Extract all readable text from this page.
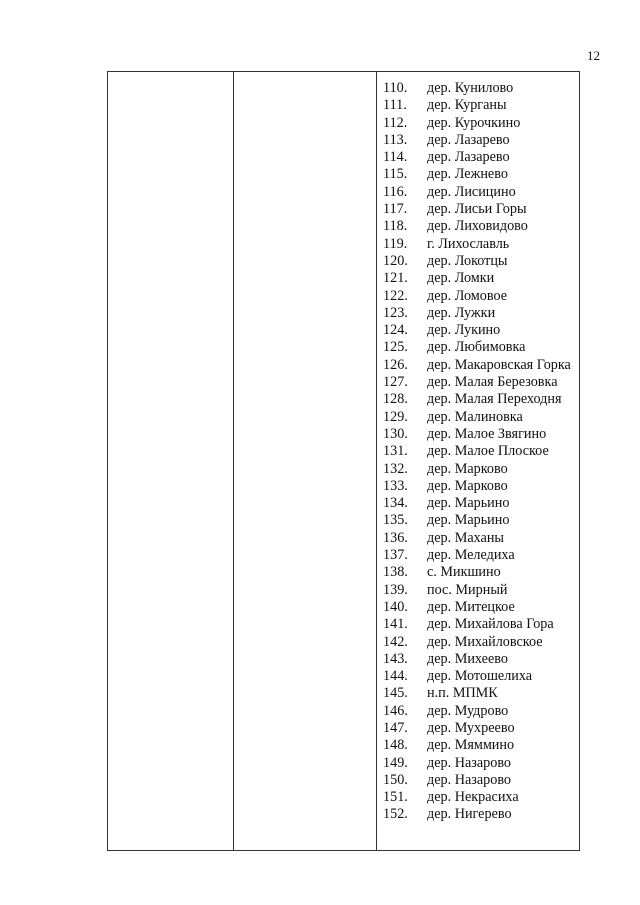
12
110.	дер. Кунилово
111.	дер. Курганы
112.	дер. Курочкино
113.	дер. Лазарево
114.	дер. Лазарево
115.	дер. Лежнево
116.	дер. Лисицино
117.	дер. Лисьи Горы
118.	дер. Лиховидово
119.	г. Лихославль
120.	дер. Локотцы
121.	дер. Ломки
122.	дер. Ломовое
123.	дер. Лужки
124.	дер. Лукино
125.	дер. Любимовка
126.	дер. Макаровская Горка
127.	дер. Малая Березовка
128.	дер. Малая Переходня
129.	дер. Малиновка
130.	дер. Малое Звягино
131.	дер. Малое Плоское
132.	дер. Марково
133.	дер. Марково
134.	дер. Марьино
135.	дер. Марьино
136.	дер. Маханы
137.	дер. Меледиха
138.	с. Микшино
139.	пос. Мирный
140.	дер. Митецкое
141.	дер. Михайлова Гора
142.	дер. Михайловское
143.	дер. Михеево
144.	дер. Мотошелиха
145.	н.п. МПМК
146.	дер. Мудрово
147.	дер. Мухреево
148.	дер. Мяммино
149.	дер. Назарово
150.	дер. Назарово
151.	дер. Некрасиха
152.	дер. Нигерево
